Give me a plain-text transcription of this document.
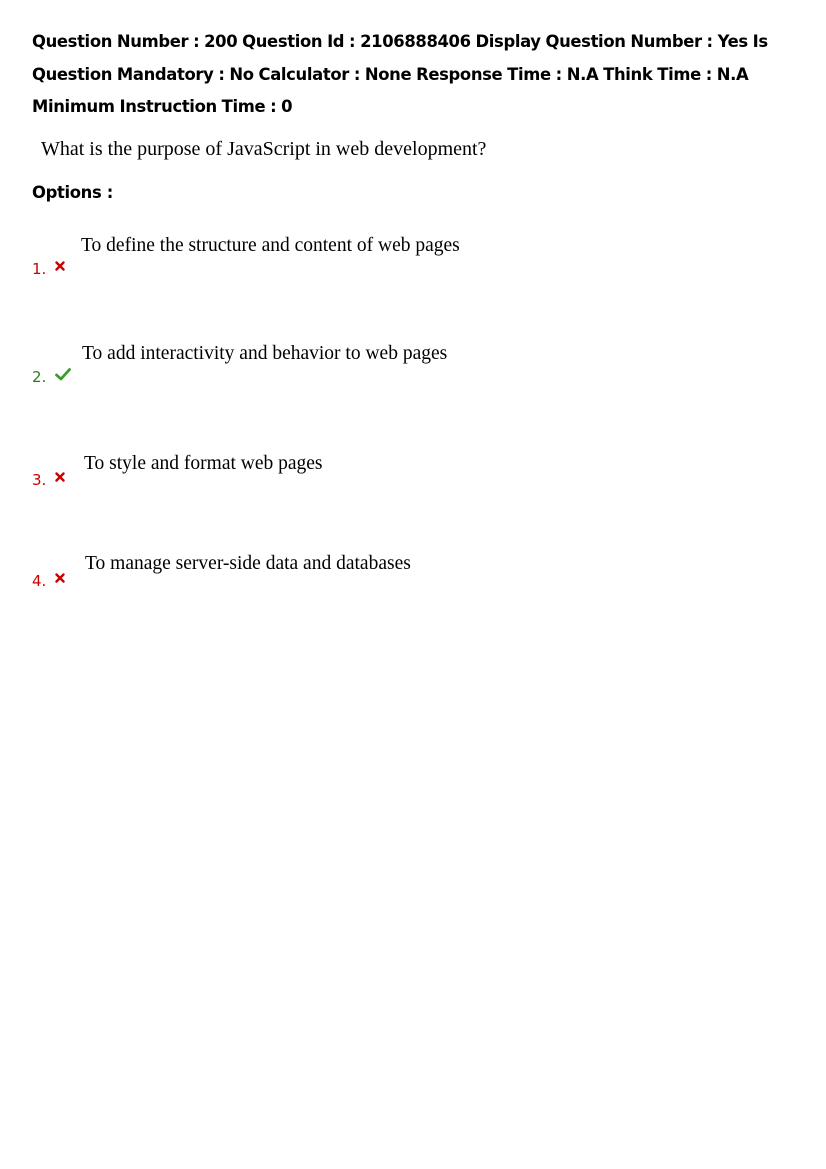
Question Number : 200 Question Id : 2106888406 Display Question Number : Yes Is Question Mandatory : No Calculator : None Response Time : N.A Think Time : N.A Minimum Instruction Time : 0
What is the purpose of JavaScript in web development?
Options :
To define the structure and content of web pages
1.
To add interactivity and behavior to web pages
2.
To style and format web pages
3.
To manage server-side data and databases
4.
